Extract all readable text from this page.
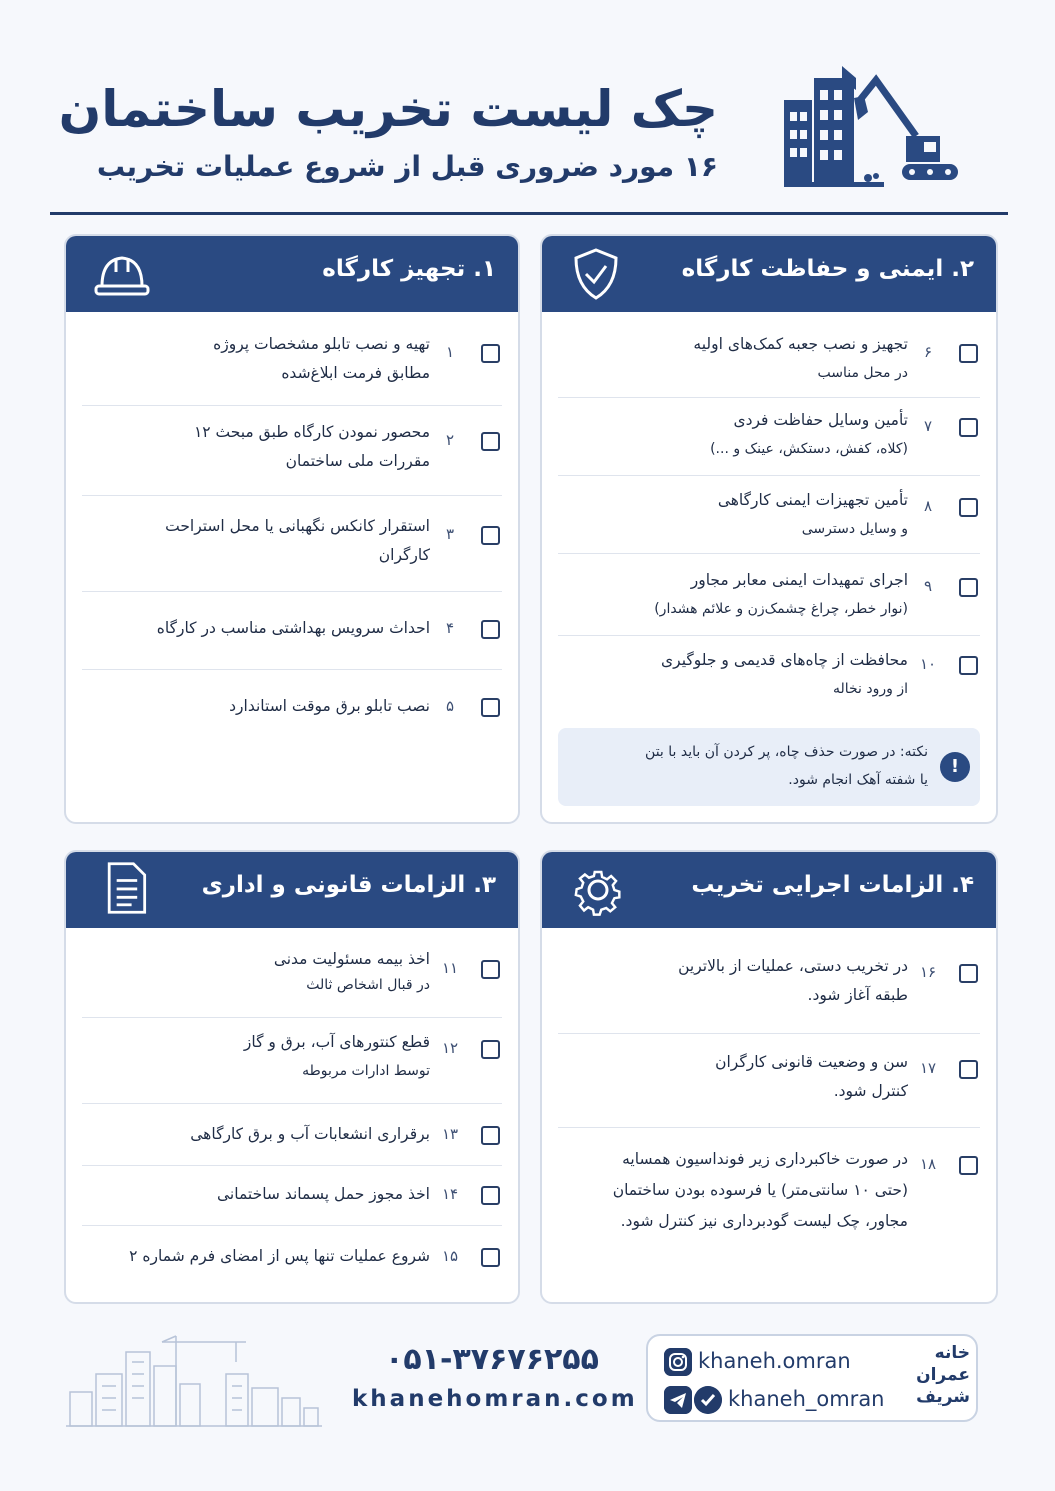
چک لیست تخریب ساختمان
۱۶ مورد ضروری قبل از شروع عملیات تخریب
۱. تجهیز کارگاه
۱
تهیه و نصب تابلو مشخصات پروژه
مطابق فرمت ابلاغ‌شده
۲
محصور نمودن کارگاه طبق مبحث ۱۲
مقررات ملی ساختمان
۳
استقرار کانکس نگهبانی یا محل استراحت
کارگران
۴
احداث سرویس بهداشتی مناسب در کارگاه
۵
نصب تابلو برق موقت استاندارد
۲. ایمنی و حفاظت کارگاه
۶
تجهیز و نصب جعبه کمک‌های اولیه
در محل مناسب
۷
تأمین وسایل حفاظت فردی
(کلاه، کفش، دستکش، عینک و ...)
۸
تأمین تجهیزات ایمنی کارگاهی
و وسایل دسترسی
۹
اجرای تمهیدات ایمنی معابر مجاور
(نوار خطر، چراغ چشمک‌زن و علائم هشدار)
۱۰
محافظت از چاه‌های قدیمی و جلوگیری
از ورود نخاله
!
نکته: در صورت حذف چاه، پر کردن آن باید با بتن
یا شفته آهک انجام شود.
۳. الزامات قانونی و اداری
۱۱
اخذ بیمه مسئولیت مدنی
در قبال اشخاص ثالث
۱۲
قطع کنتورهای آب، برق و گاز
توسط ادارات مربوطه
۱۳
برقراری انشعابات آب و برق کارگاهی
۱۴
اخذ مجوز حمل پسماند ساختمانی
۱۵
شروع عملیات تنها پس از امضای فرم شماره ۲
۴. الزامات اجرایی تخریب
۱۶
در تخریب دستی، عملیات از بالاترین
طبقه آغاز شود.
۱۷
سن و وضعیت قانونی کارگران
کنترل شود.
۱۸
در صورت خاکبرداری زیر فونداسیون همسایه
(حتی ۱۰ سانتی‌متر) یا فرسوده بودن ساختمان
مجاور، چک لیست گودبرداری نیز کنترل شود.
۰۵۱-۳۷۶۷۶۲۵۵
khanehomran.com
khaneh.omran
khaneh_omran
خانه
عمران
شریف
